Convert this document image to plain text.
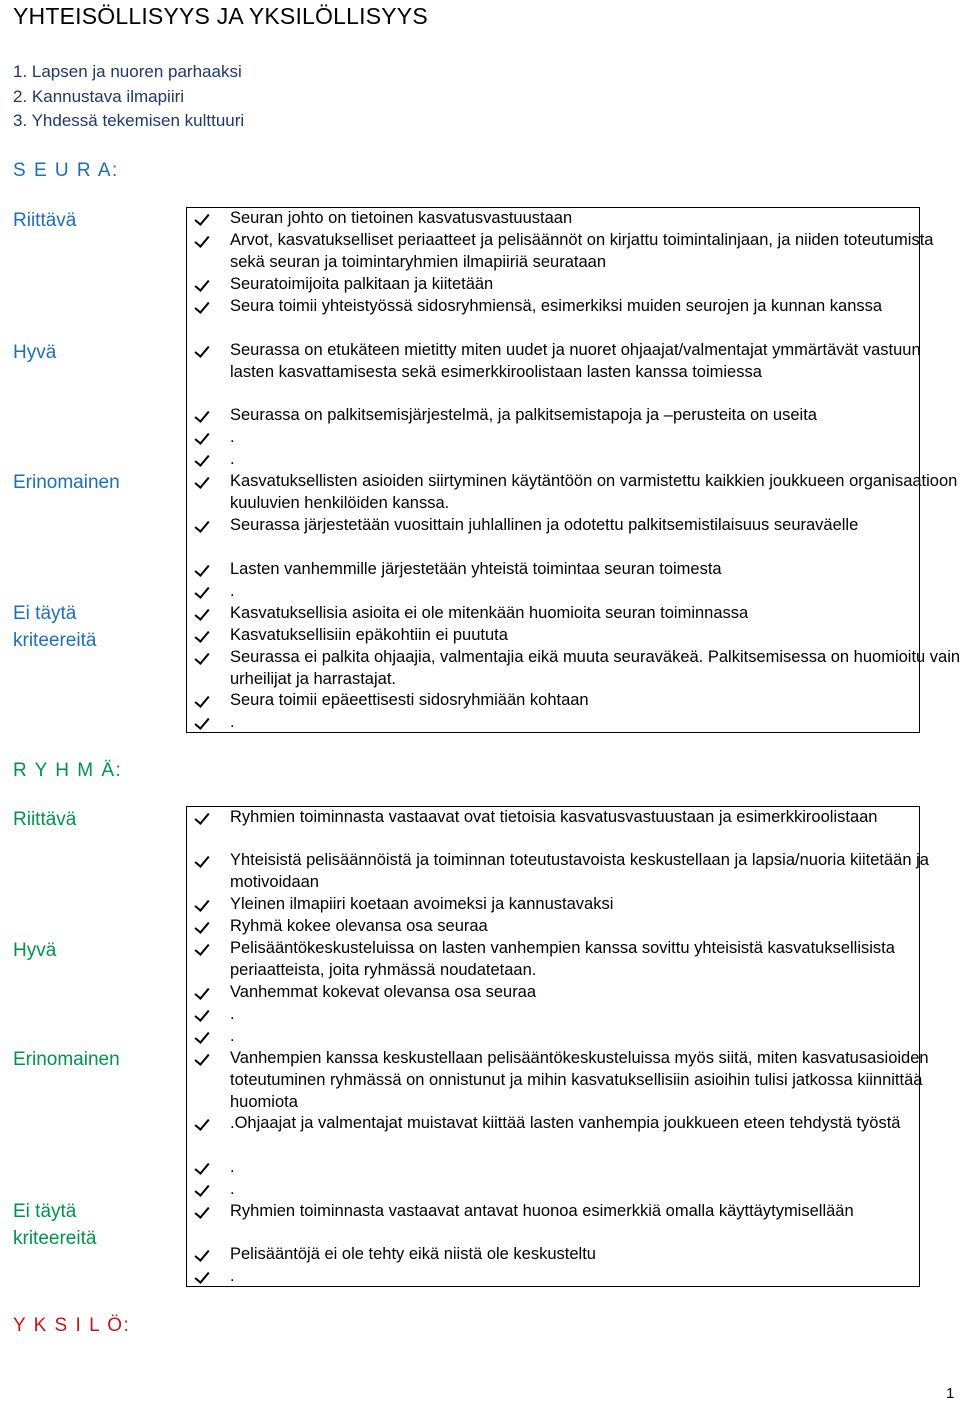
YHTEISÖLLISYYS JA YKSILÖLLISYYS
1. Lapsen ja nuoren parhaaksi
2. Kannustava ilmapiiri
3. Yhdessä tekemisen kulttuuri
S E U R A:

Riittävä

Hyvä

Erinomainen

Ei täytä

kriteereitä

Seuran johto on tietoinen kasvatusvastuustaan
Arvot, kasvatukselliset periaatteet ja pelisäännöt on kirjattu toimintalinjaan, ja niiden toteutumista sekä seuran ja toimintaryhmien ilmapiiriä seurataan
Seuratoimijoita palkitaan ja kiitetään
Seura toimii yhteistyössä sidosryhmiensä, esimerkiksi muiden seurojen ja kunnan kanssa
Seurassa on etukäteen mietitty miten uudet ja nuoret ohjaajat/valmentajat ymmärtävät vastuun lasten kasvattamisesta sekä esimerkkiroolistaan lasten kanssa toimiessa
Seurassa on palkitsemisjärjestelmä, ja palkitsemistapoja ja –perusteita on useita
.
.
Kasvatuksellisten asioiden siirtyminen käytäntöön on varmistettu kaikkien joukkueen organisaatioon kuuluvien henkilöiden kanssa.
Seurassa järjestetään vuosittain juhlallinen ja odotettu palkitsemistilaisuus seuraväelle
Lasten vanhemmille järjestetään yhteistä toimintaa seuran toimesta
.
Kasvatuksellisia asioita ei ole mitenkään huomioita seuran toiminnassa
Kasvatuksellisiin epäkohtiin ei puututa
Seurassa ei palkita ohjaajia, valmentajia eikä muuta seuraväkeä. Palkitsemisessa on huomioitu vain urheilijat ja harrastajat.
Seura toimii epäeettisesti sidosryhmiään kohtaan
.
R Y H M Ä:

Riittävä

Hyvä

Erinomainen

Ei täytä

kriteereitä

Ryhmien toiminnasta vastaavat ovat tietoisia kasvatusvastuustaan ja esimerkkiroolistaan
Yhteisistä pelisäännöistä ja toiminnan toteutustavoista keskustellaan ja lapsia/nuoria kiitetään ja motivoidaan
Yleinen ilmapiiri koetaan avoimeksi ja kannustavaksi
Ryhmä kokee olevansa osa seuraa
Pelisääntökeskusteluissa on lasten vanhempien kanssa sovittu yhteisistä kasvatuksellisista periaatteista, joita ryhmässä noudatetaan.
Vanhemmat kokevat olevansa osa seuraa
.
.
Vanhempien kanssa keskustellaan pelisääntökeskusteluissa myös siitä, miten kasvatusasioiden toteutuminen ryhmässä on onnistunut ja mihin kasvatuksellisiin asioihin tulisi jatkossa kiinnittää huomiota
.Ohjaajat ja valmentajat muistavat kiittää lasten vanhempia joukkueen eteen tehdystä työstä
.
.
Ryhmien toiminnasta vastaavat antavat huonoa esimerkkiä omalla käyttäytymisellään
Pelisääntöjä ei ole tehty eikä niistä ole keskusteltu
.
Y K S I L Ö:
1
